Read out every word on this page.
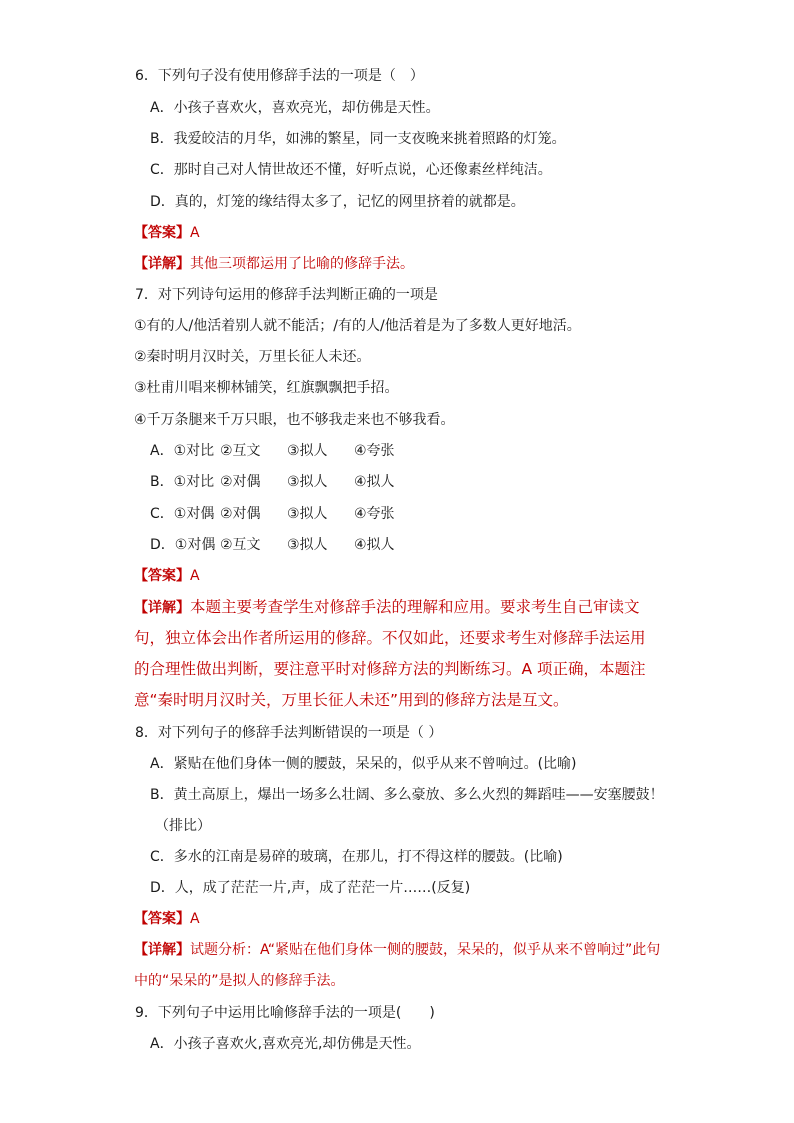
6．下列句子没有使用修辞手法的一项是（　）
A．小孩子喜欢火，喜欢亮光，却仿佛是天性。
B．我爱皎洁的月华，如沸的繁星，同一支夜晚来挑着照路的灯笼。
C．那时自己对人情世故还不懂，好听点说，心还像素丝样纯洁。
D．真的，灯笼的缘结得太多了，记忆的网里挤着的就都是。
【答案】A
【详解】其他三项都运用了比喻的修辞手法。
7．对下列诗句运用的修辞手法判断正确的一项是
①有的人/他活着别人就不能活；/有的人/他活着是为了多数人更好地活。
②秦时明月汉时关，万里长征人未还。
③杜甫川唱来柳林铺笑，红旗飘飘把手招。
④千万条腿来千万只眼，也不够我走来也不够我看。
A．①对比 ②互文 ③拟人 ④夸张
B．①对比 ②对偶 ③拟人 ④拟人
C．①对偶 ②对偶 ③拟人 ④夸张
D．①对偶 ②互文 ③拟人 ④拟人
【答案】A
【详解】本题主要考查学生对修辞手法的理解和应用。要求考生自己审读文
句，独立体会出作者所运用的修辞。不仅如此，还要求考生对修辞手法运用
的合理性做出判断，要注意平时对修辞方法的判断练习。A 项正确，本题注
意“秦时明月汉时关，万里长征人未还”用到的修辞方法是互文。
8．对下列句子的修辞手法判断错误的一项是（ ）
A．紧贴在他们身体一侧的腰鼓，呆呆的，似乎从来不曾响过。(比喻)
B．黄土高原上，爆出一场多么壮阔、多么豪放、多么火烈的舞蹈哇——安塞腰鼓！
（排比）
C．多水的江南是易碎的玻璃，在那儿，打不得这样的腰鼓。(比喻)
D．人，成了茫茫一片,声，成了茫茫一片……(反复)
【答案】A
【详解】试题分析：A“紧贴在他们身体一侧的腰鼓，呆呆的，似乎从来不曾响过”此句
中的“呆呆的”是拟人的修辞手法。
9．下列句子中运用比喻修辞手法的一项是(　　)
A．小孩子喜欢火,喜欢亮光,却仿佛是天性。
